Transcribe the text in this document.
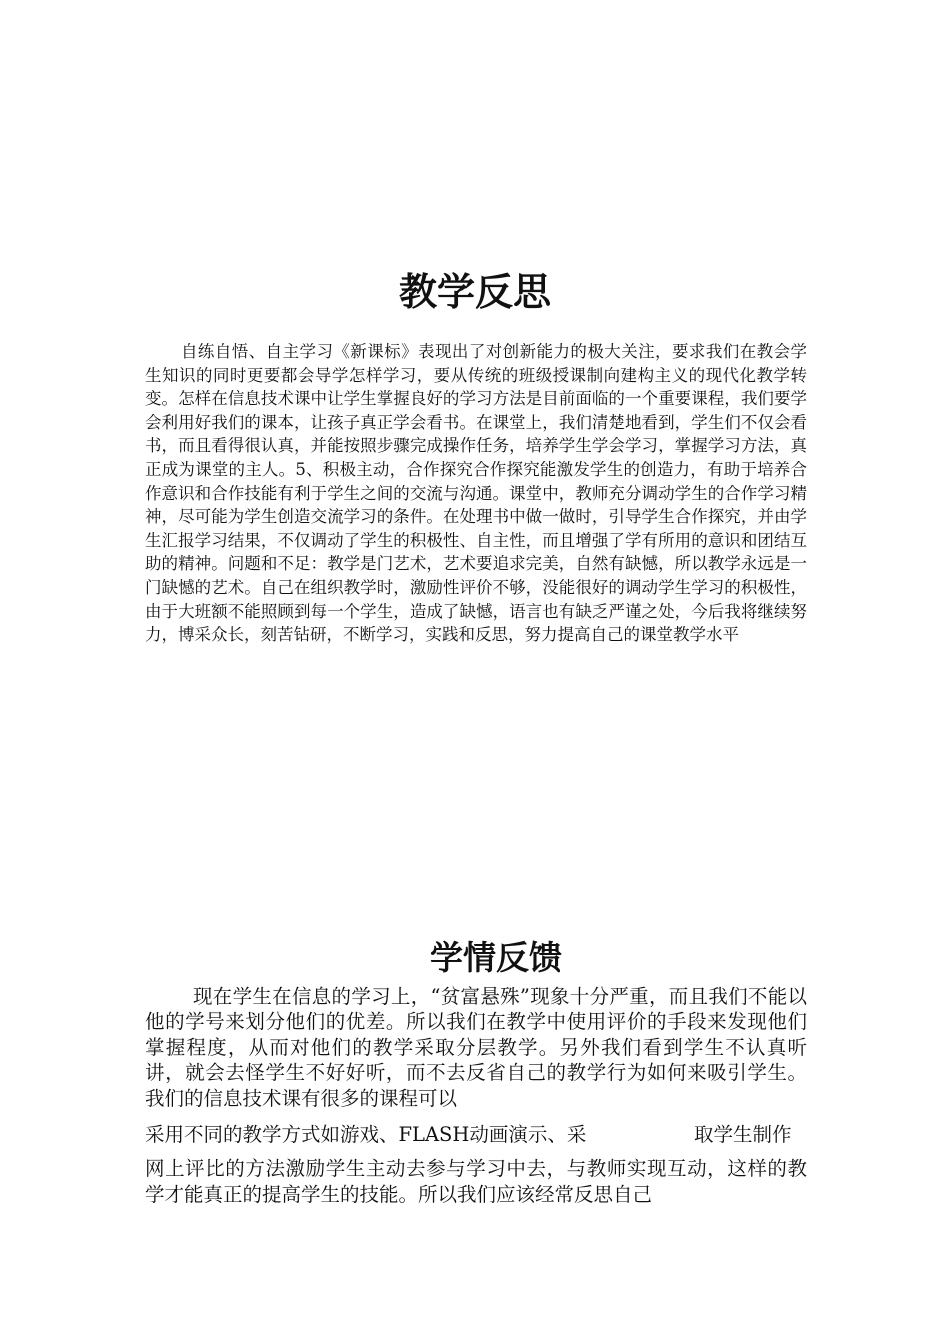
教学反思

自练自悟、自主学习《新课标》表现出了对创新能力的极大关注，要求我们在教会学生知识的同时更要都会导学怎样学习，要从传统的班级授课制向建构主义的现代化教学转变。怎样在信息技术课中让学生掌握良好的学习方法是目前面临的一个重要课程，我们要学会利用好我们的课本，让孩子真正学会看书。在课堂上，我们清楚地看到，学生们不仅会看书，而且看得很认真，并能按照步骤完成操作任务，培养学生学会学习，掌握学习方法，真正成为课堂的主人。5、积极主动，合作探究合作探究能激发学生的创造力，有助于培养合作意识和合作技能有利于学生之间的交流与沟通。课堂中，教师充分调动学生的合作学习精神，尽可能为学生创造交流学习的条件。在处理书中做一做时，引导学生合作探究，并由学生汇报学习结果，不仅调动了学生的积极性、自主性，而且增强了学有所用的意识和团结互助的精神。问题和不足：教学是门艺术，艺术要追求完美，自然有缺憾，所以教学永远是一门缺憾的艺术。自己在组织教学时，激励性评价不够，没能很好的调动学生学习的积极性，由于大班额不能照顾到每一个学生，造成了缺憾，语言也有缺乏严谨之处，今后我将继续努力，博采众长，刻苦钻研，不断学习，实践和反思，努力提高自己的课堂教学水平

学情反馈

现在学生在信息的学习上，“贫富悬殊”现象十分严重，而且我们不能以他的学号来划分他们的优差。所以我们在教学中使用评价的手段来发现他们掌握程度，从而对他们的教学采取分层教学。另外我们看到学生不认真听讲，就会去怪学生不好好听，而不去反省自己的教学行为如何来吸引学生。我们的信息技术课有很多的课程可以

采用不同的教学方式如游戏、FLASH动画演示、采	取学生制作

网上评比的方法激励学生主动去参与学习中去，与教师实现互动，这样的教学才能真正的提高学生的技能。所以我们应该经常反思自己
